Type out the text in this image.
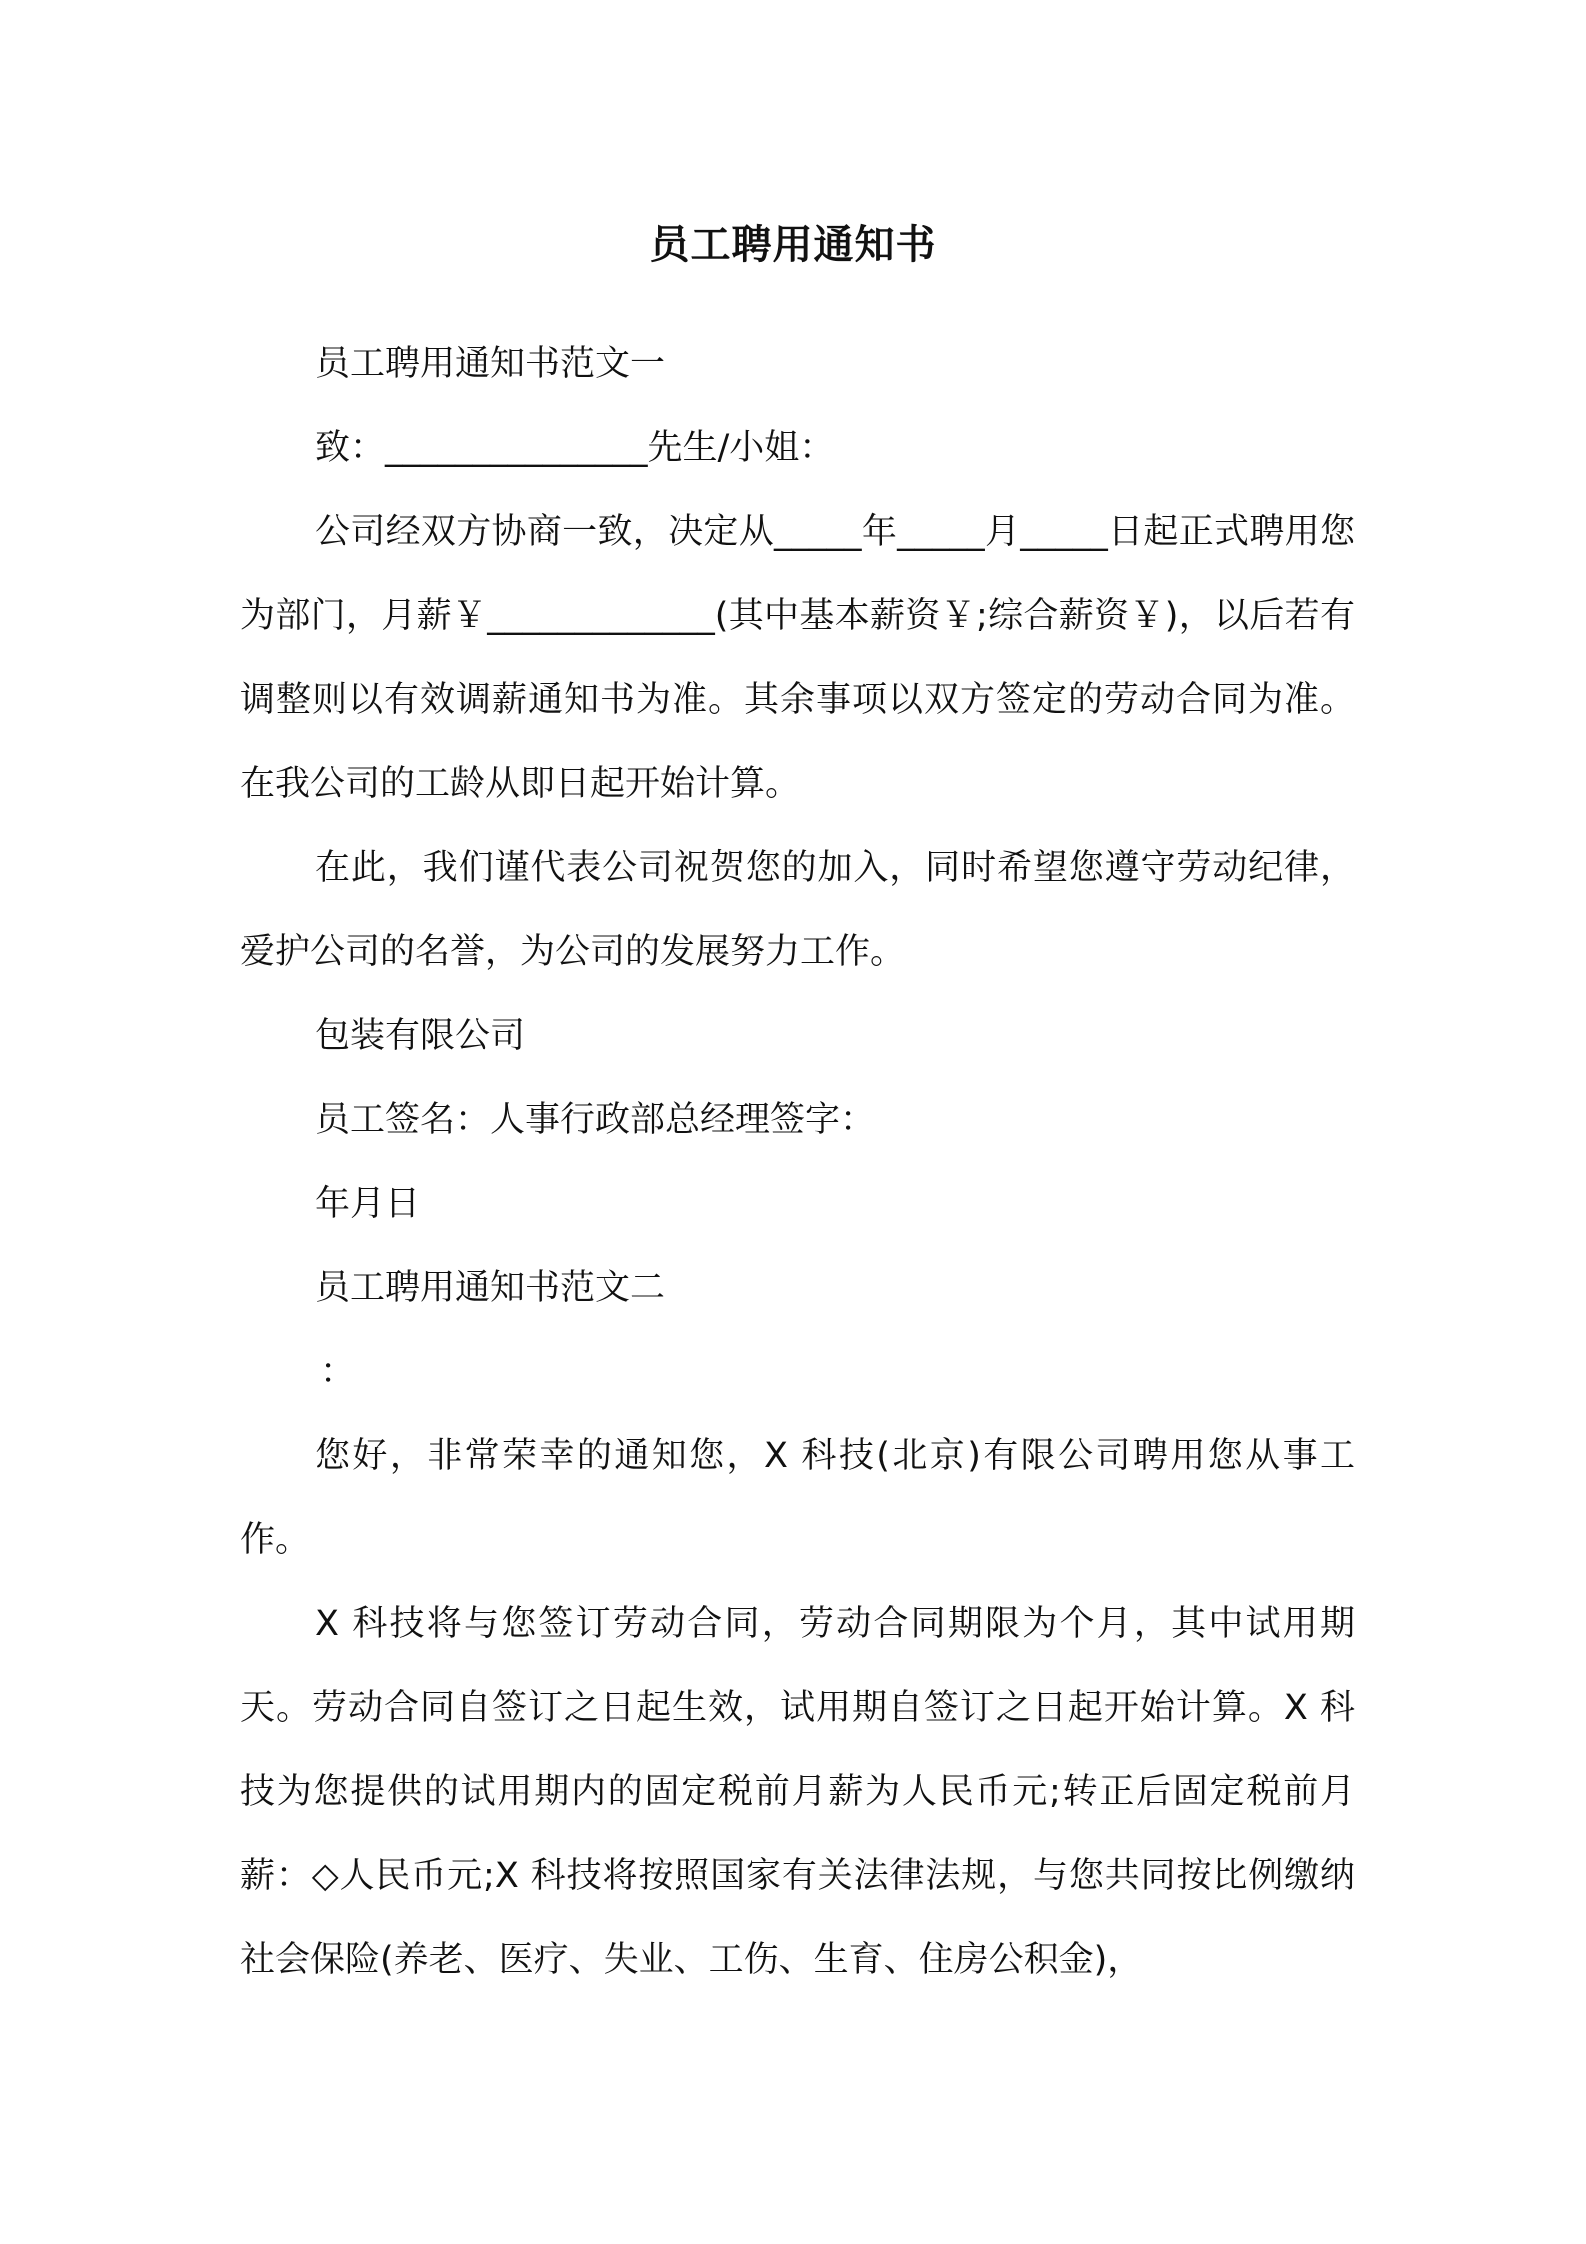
员工聘用通知书

员工聘用通知书范文一

致：_______________先生/小姐：

公司经双方协商一致，决定从_____年_____月_____日起正式聘用您为部门，月薪￥_____________(其中基本薪资￥;综合薪资￥)，以后若有调整则以有效调薪通知书为准。其余事项以双方签定的劳动合同为准。在我公司的工龄从即日起开始计算。

在此，我们谨代表公司祝贺您的加入，同时希望您遵守劳动纪律，爱护公司的名誉，为公司的发展努力工作。

包装有限公司

员工签名：人事行政部总经理签字：

年月日

员工聘用通知书范文二

：

您好，非常荣幸的通知您，X 科技(北京)有限公司聘用您从事工作。

X 科技将与您签订劳动合同，劳动合同期限为个月，其中试用期天。劳动合同自签订之日起生效，试用期自签订之日起开始计算。X 科技为您提供的试用期内的固定税前月薪为人民币元;转正后固定税前月薪：◇人民币元;X 科技将按照国家有关法律法规，与您共同按比例缴纳社会保险(养老、医疗、失业、工伤、生育、住房公积金)，
